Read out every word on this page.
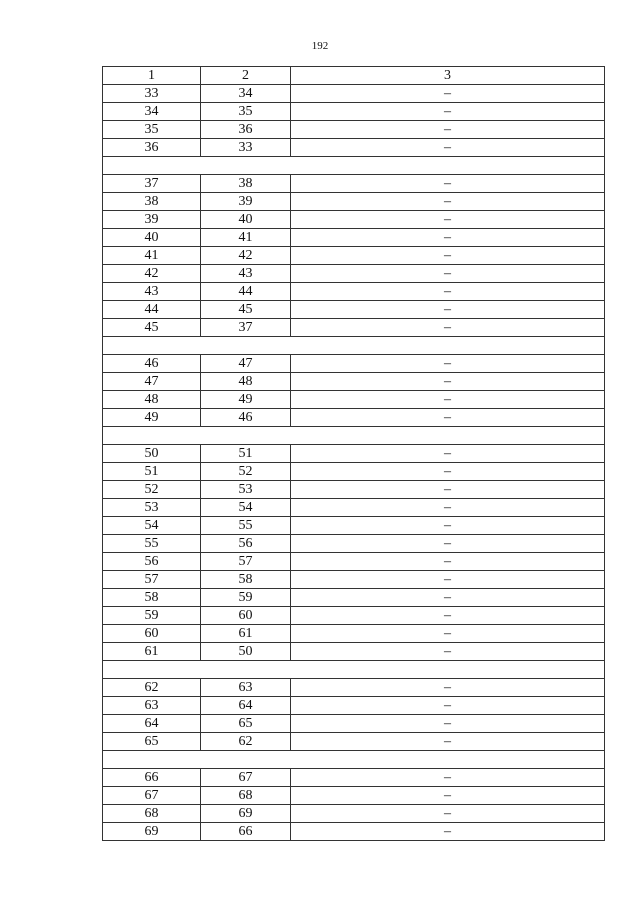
192
1	2	3
33	34	–
34	35	–
35	36	–
36	33	–

37	38	–
38	39	–
39	40	–
40	41	–
41	42	–
42	43	–
43	44	–
44	45	–
45	37	–

46	47	–
47	48	–
48	49	–
49	46	–

50	51	–
51	52	–
52	53	–
53	54	–
54	55	–
55	56	–
56	57	–
57	58	–
58	59	–
59	60	–
60	61	–
61	50	–

62	63	–
63	64	–
64	65	–
65	62	–

66	67	–
67	68	–
68	69	–
69	66	–
